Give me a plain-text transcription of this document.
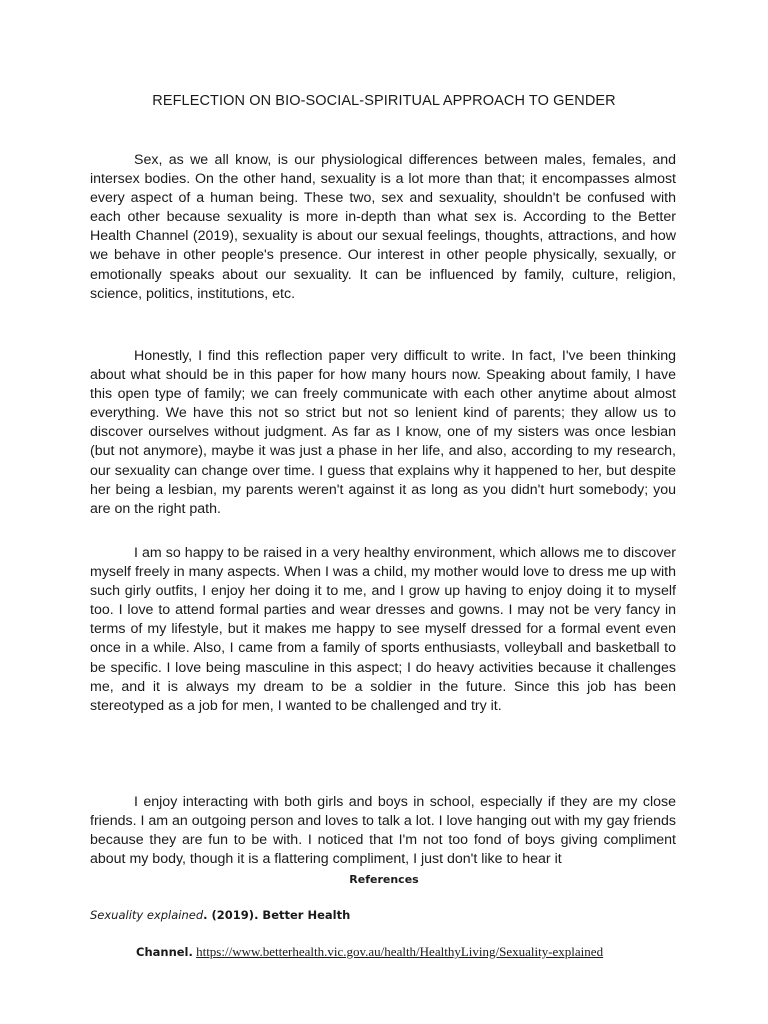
REFLECTION ON BIO-SOCIAL-SPIRITUAL APPROACH TO GENDER

Sex, as we all know, is our physiological differences between males, females, and intersex bodies. On the other hand, sexuality is a lot more than that; it encompasses almost every aspect of a human being. These two, sex and sexuality, shouldn't be confused with each other because sexuality is more in-depth than what sex is. According to the Better Health Channel (2019), sexuality is about our sexual feelings, thoughts, attractions, and how we behave in other people's presence. Our interest in other people physically, sexually, or emotionally speaks about our sexuality. It can be influenced by family, culture, religion, science, politics, institutions, etc.

Honestly, I find this reflection paper very difficult to write. In fact, I've been thinking about what should be in this paper for how many hours now. Speaking about family, I have this open type of family; we can freely communicate with each other anytime about almost everything. We have this not so strict but not so lenient kind of parents; they allow us to discover ourselves without judgment. As far as I know, one of my sisters was once lesbian (but not anymore), maybe it was just a phase in her life, and also, according to my research, our sexuality can change over time. I guess that explains why it happened to her, but despite her being a lesbian, my parents weren't against it as long as you didn't hurt somebody; you are on the right path.

I am so happy to be raised in a very healthy environment, which allows me to discover myself freely in many aspects. When I was a child, my mother would love to dress me up with such girly outfits, I enjoy her doing it to me, and I grow up having to enjoy doing it to myself too. I love to attend formal parties and wear dresses and gowns. I may not be very fancy in terms of my lifestyle, but it makes me happy to see myself dressed for a formal event even once in a while. Also, I came from a family of sports enthusiasts, volleyball and basketball to be specific. I love being masculine in this aspect; I do heavy activities because it challenges me, and it is always my dream to be a soldier in the future. Since this job has been stereotyped as a job for men, I wanted to be challenged and try it.

I enjoy interacting with both girls and boys in school, especially if they are my close friends. I am an outgoing person and loves to talk a lot. I love hanging out with my gay friends because they are fun to be with. I noticed that I'm not too fond of boys giving compliment about my body, though it is a flattering compliment, I just don't like to hear it

References
Sexuality explained. (2019). Better Health
Channel. https://www.betterhealth.vic.gov.au/health/HealthyLiving/Sexuality-explained
